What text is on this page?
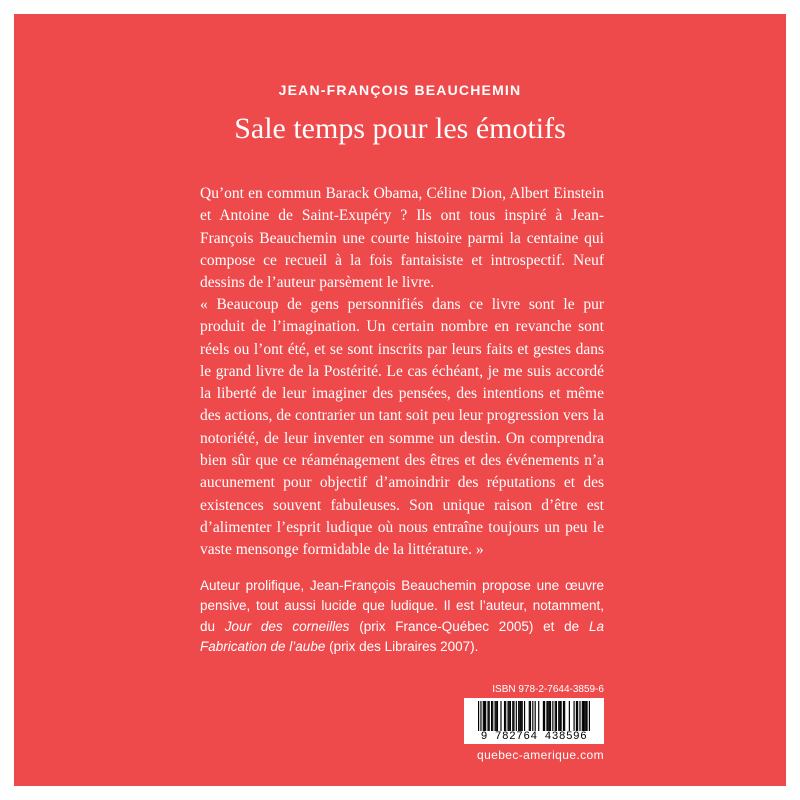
JEAN-FRANÇOIS BEAUCHEMIN
Sale temps pour les émotifs

Qu’ont en commun Barack Obama, Céline Dion, Albert Einstein et Antoine de Saint-Exupéry ? Ils ont tous inspiré à Jean-François Beauchemin une courte histoire parmi la centaine qui compose ce recueil à la fois fantaisiste et introspectif. Neuf dessins de l’auteur parsèment le livre.

« Beaucoup de gens personnifiés dans ce livre sont le pur produit de l’imagination. Un certain nombre en revanche sont réels ou l’ont été, et se sont inscrits par leurs faits et gestes dans le grand livre de la Postérité. Le cas échéant, je me suis accordé la liberté de leur imaginer des pensées, des intentions et même des actions, de contrarier un tant soit peu leur progression vers la notoriété, de leur inventer en somme un destin. On comprendra bien sûr que ce réaménagement des êtres et des événements n’a aucunement pour objectif d’amoindrir des réputations et des existences souvent fabuleuses. Son unique raison d’être est d’alimenter l’esprit ludique où nous entraîne toujours un peu le vaste mensonge formidable de la littérature. »

Auteur prolifique, Jean-François Beauchemin propose une œuvre pensive, tout aussi lucide que ludique. Il est l’auteur, notamment, du Jour des corneilles (prix France-Québec 2005) et de La Fabrication de l’aube (prix des Libraires 2007).

ISBN 978-2-7644-3859-6
9 782764 438596
quebec-amerique.com
